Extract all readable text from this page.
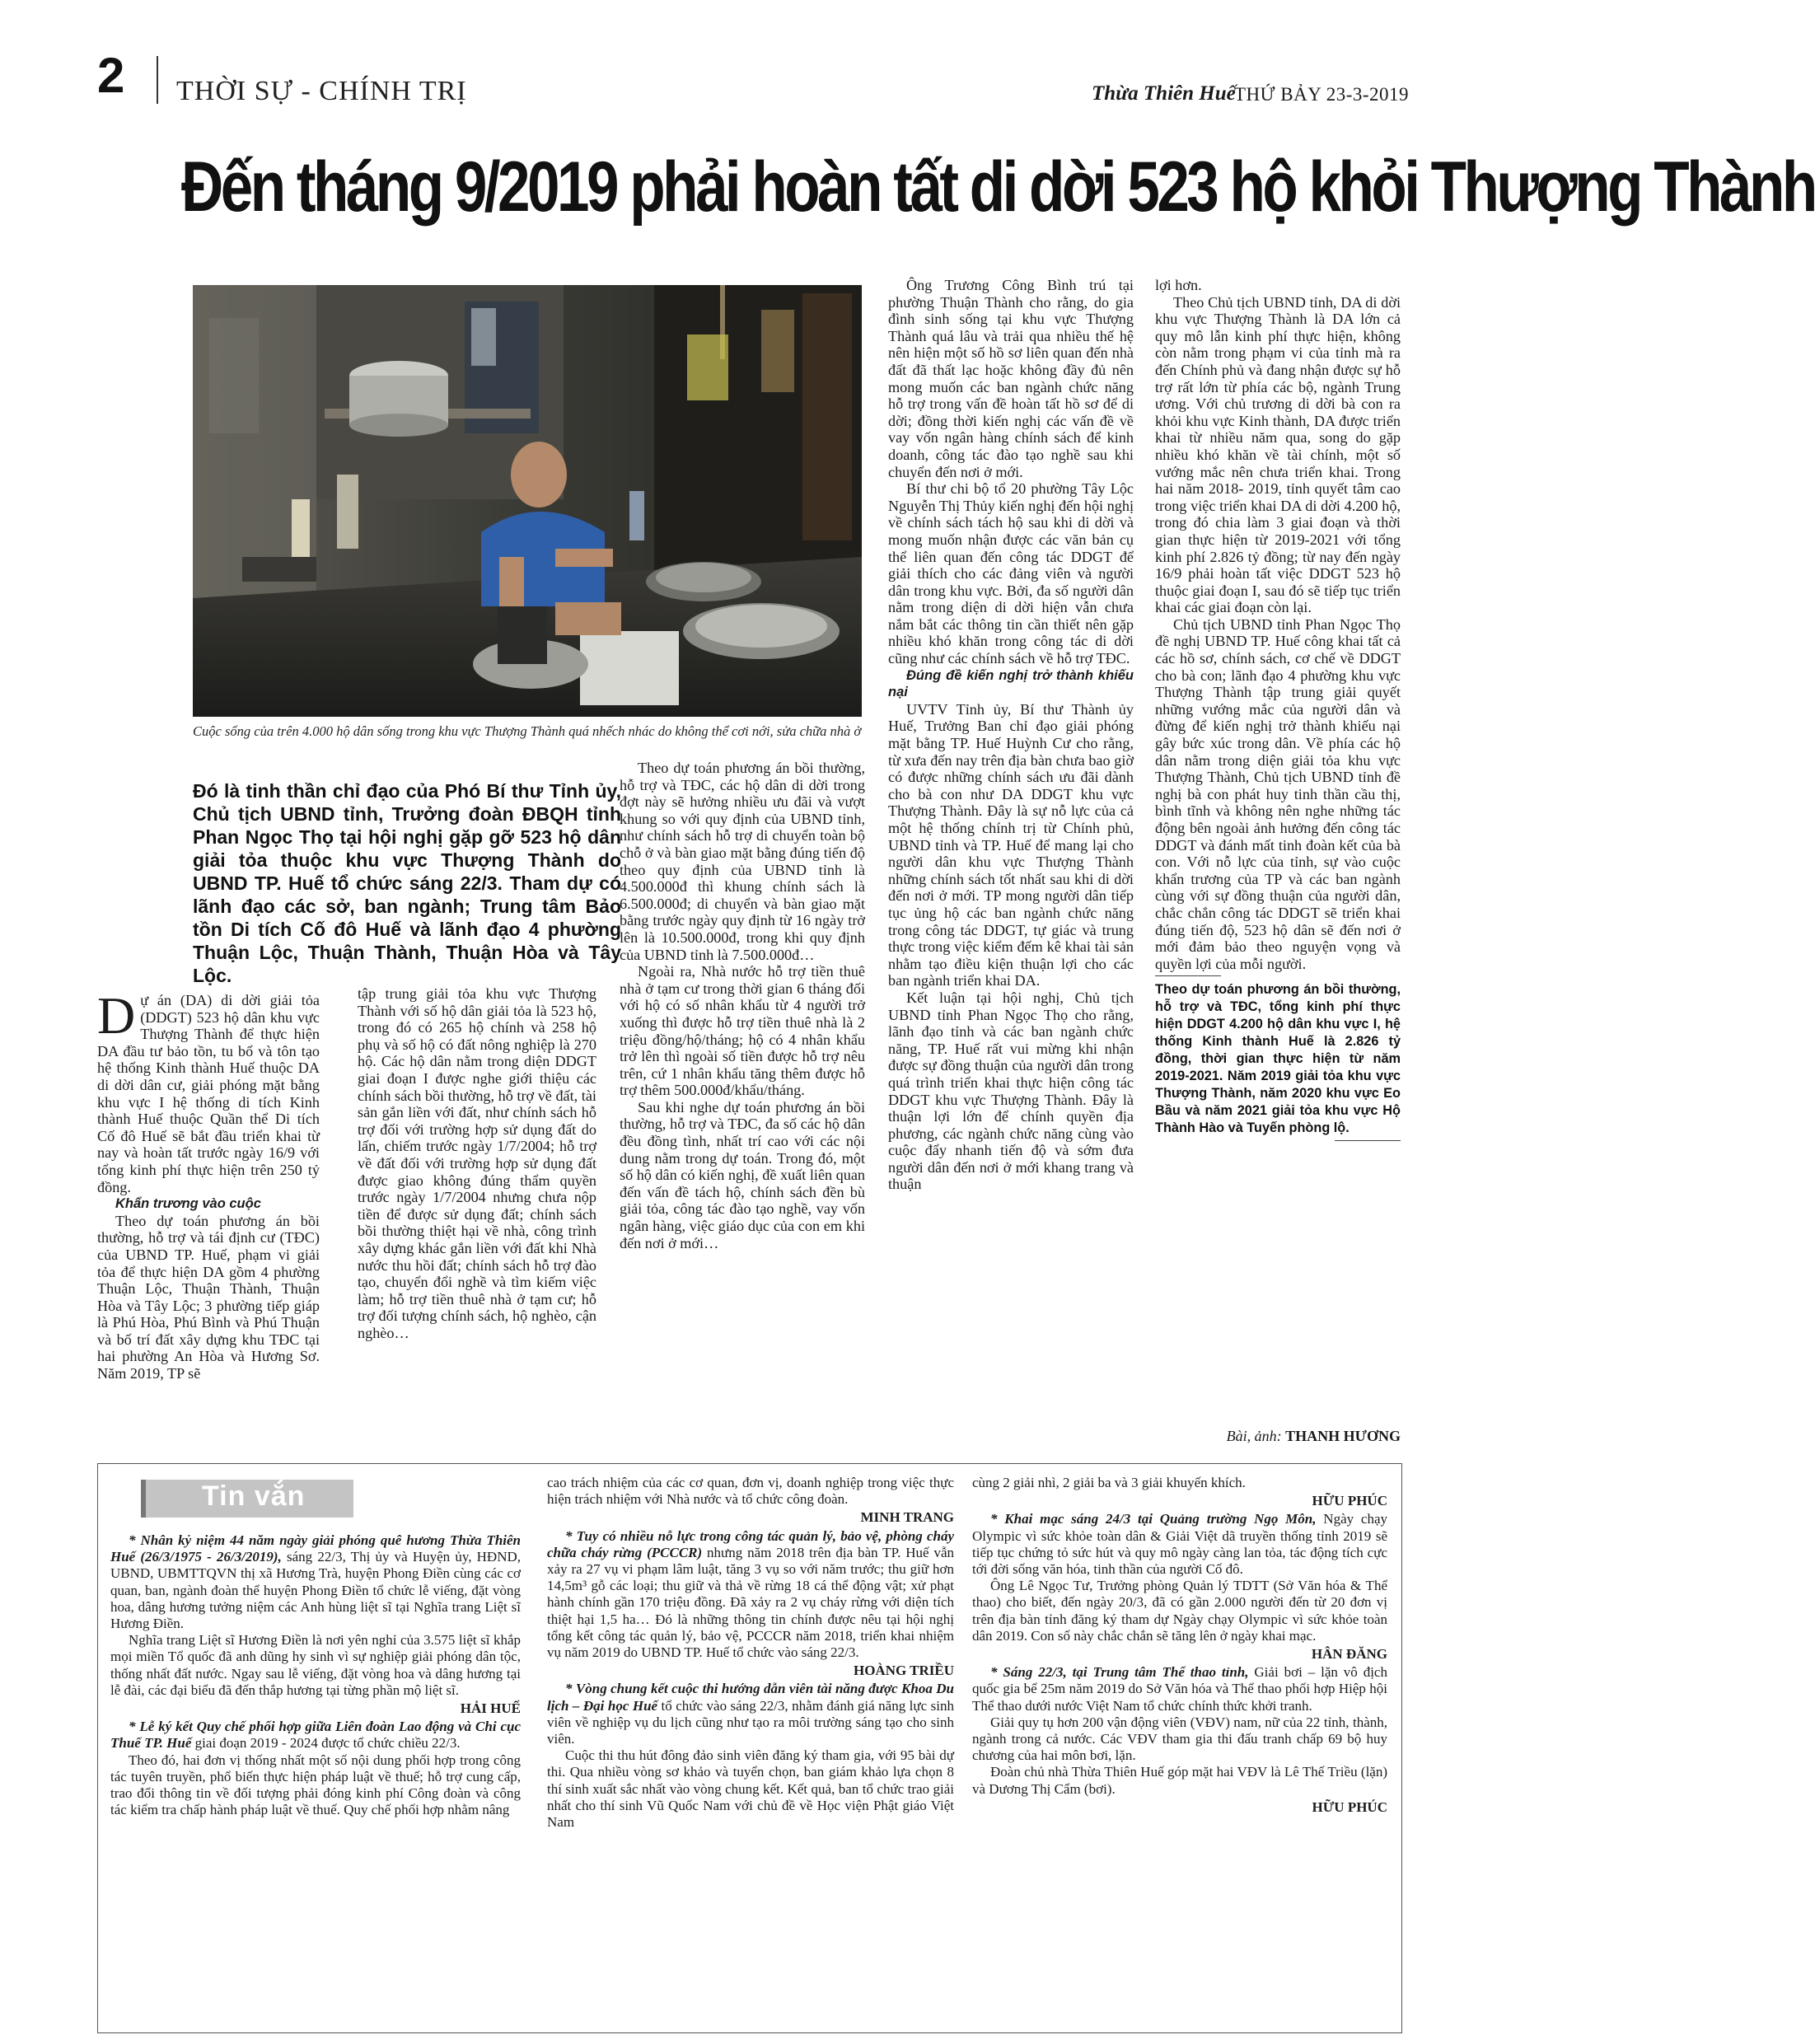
2 THỜI SỰ - CHÍNH TRỊ	Thừa Thiên Huế
THỨ BẢY 23-3-2019
Đến tháng 9/2019 phải hoàn tất di dời 523 hộ khỏi Thượng Thành
Cuộc sống của trên 4.000 hộ dân sống trong khu vực Thượng Thành quá nhếch nhác do không thể cơi nới, sửa chữa nhà ở
Đó là tinh thần chỉ đạo của Phó Bí thư Tỉnh ủy, Chủ tịch UBND tỉnh, Trưởng đoàn ĐBQH tỉnh Phan Ngọc Thọ tại hội nghị gặp gỡ 523 hộ dân giải tỏa thuộc khu vực Thượng Thành do UBND TP. Huế tổ chức sáng 22/3. Tham dự có lãnh đạo các sở, ban ngành; Trung tâm Bảo tồn Di tích Cố đô Huế và lãnh đạo 4 phường Thuận Lộc, Thuận Thành, Thuận Hòa và Tây Lộc.

Dự án (DA) di dời giải tỏa (DDGT) 523 hộ dân khu vực Thượng Thành để thực hiện DA đầu tư bảo tồn, tu bổ và tôn tạo hệ thống Kinh thành Huế thuộc DA di dời dân cư, giải phóng mặt bằng khu vực I hệ thống di tích Kinh thành Huế thuộc Quần thể Di tích Cố đô Huế sẽ bắt đầu triển khai từ nay và hoàn tất trước ngày 16/9 với tổng kinh phí thực hiện trên 250 tỷ đồng.

Khẩn trương vào cuộc

Theo dự toán phương án bồi thường, hỗ trợ và tái định cư (TĐC) của UBND TP. Huế, phạm vi giải tỏa để thực hiện DA gồm 4 phường Thuận Lộc, Thuận Thành, Thuận Hòa và Tây Lộc; 3 phường tiếp giáp là Phú Hòa, Phú Bình và Phú Thuận và bố trí đất xây dựng khu TĐC tại hai phường An Hòa và Hương Sơ. Năm 2019, TP sẽ

tập trung giải tỏa khu vực Thượng Thành với số hộ dân giải tỏa là 523 hộ, trong đó có 265 hộ chính và 258 hộ phụ và số hộ có đất nông nghiệp là 270 hộ. Các hộ dân nằm trong diện DDGT giai đoạn I được nghe giới thiệu các chính sách bồi thường, hỗ trợ về đất, tài sản gắn liền với đất, như chính sách hỗ trợ đối với trường hợp sử dụng đất do lấn, chiếm trước ngày 1/7/2004; hỗ trợ về đất đối với trường hợp sử dụng đất được giao không đúng thẩm quyền trước ngày 1/7/2004 nhưng chưa nộp tiền để được sử dụng đất; chính sách bồi thường thiệt hại về nhà, công trình xây dựng khác gắn liền với đất khi Nhà nước thu hồi đất; chính sách hỗ trợ đào tạo, chuyển đổi nghề và tìm kiếm việc làm; hỗ trợ tiền thuê nhà ở tạm cư; hỗ trợ đối tượng chính sách, hộ nghèo, cận nghèo…

Theo dự toán phương án bồi thường, hỗ trợ và TĐC, các hộ dân di dời trong đợt này sẽ hưởng nhiều ưu đãi và vượt khung so với quy định của UBND tỉnh, như chính sách hỗ trợ di chuyển toàn bộ chỗ ở và bàn giao mặt bằng đúng tiến độ theo quy định của UBND tỉnh là 4.500.000đ thì khung chính sách là 6.500.000đ; di chuyển và bàn giao mặt bằng trước ngày quy định từ 16 ngày trở lên là 10.500.000đ, trong khi quy định của UBND tỉnh là 7.500.000đ…

Ngoài ra, Nhà nước hỗ trợ tiền thuê nhà ở tạm cư trong thời gian 6 tháng đối với hộ có số nhân khẩu từ 4 người trở xuống thì được hỗ trợ tiền thuê nhà là 2 triệu đồng/hộ/tháng; hộ có 4 nhân khẩu trở lên thì ngoài số tiền được hỗ trợ nêu trên, cứ 1 nhân khẩu tăng thêm được hỗ trợ thêm 500.000đ/khẩu/tháng.

Sau khi nghe dự toán phương án bồi thường, hỗ trợ và TĐC, đa số các hộ dân đều đồng tình, nhất trí cao với các nội dung nằm trong dự toán. Trong đó, một số hộ dân có kiến nghị, đề xuất liên quan đến vấn đề tách hộ, chính sách đền bù giải tỏa, công tác đào tạo nghề, vay vốn ngân hàng, việc giáo dục của con em khi đến nơi ở mới…

Ông Trương Công Bình trú tại phường Thuận Thành cho rằng, do gia đình sinh sống tại khu vực Thượng Thành quá lâu và trải qua nhiều thế hệ nên hiện một số hồ sơ liên quan đến nhà đất đã thất lạc hoặc không đầy đủ nên mong muốn các ban ngành chức năng hỗ trợ trong vấn đề hoàn tất hồ sơ để di dời; đồng thời kiến nghị các vấn đề về vay vốn ngân hàng chính sách để kinh doanh, công tác đào tạo nghề sau khi chuyển đến nơi ở mới.

Bí thư chi bộ tổ 20 phường Tây Lộc Nguyễn Thị Thủy kiến nghị đến hội nghị về chính sách tách hộ sau khi di dời và mong muốn nhận được các văn bản cụ thể liên quan đến công tác DDGT để giải thích cho các đảng viên và người dân trong khu vực. Bởi, đa số người dân nằm trong diện di dời hiện vẫn chưa nắm bắt các thông tin cần thiết nên gặp nhiều khó khăn trong công tác di dời cũng như các chính sách về hỗ trợ TĐC.

Đúng đề kiến nghị trở thành khiếu nại

UVTV Tỉnh ủy, Bí thư Thành ủy Huế, Trưởng Ban chỉ đạo giải phóng mặt bằng TP. Huế Huỳnh Cư cho rằng, từ xưa đến nay trên địa bàn chưa bao giờ có được những chính sách ưu đãi dành cho bà con như DA DDGT khu vực Thượng Thành. Đây là sự nỗ lực của cả một hệ thống chính trị từ Chính phủ, UBND tỉnh và TP. Huế để mang lại cho người dân khu vực Thượng Thành những chính sách tốt nhất sau khi di dời đến nơi ở mới. TP mong người dân tiếp tục ủng hộ các ban ngành chức năng trong công tác DDGT, tự giác và trung thực trong việc kiểm đếm kê khai tài sản nhằm tạo điều kiện thuận lợi cho các ban ngành triển khai DA.

Kết luận tại hội nghị, Chủ tịch UBND tỉnh Phan Ngọc Thọ cho rằng, lãnh đạo tỉnh và các ban ngành chức năng, TP. Huế rất vui mừng khi nhận được sự đồng thuận của người dân trong quá trình triển khai thực hiện công tác DDGT khu vực Thượng Thành. Đây là thuận lợi lớn để chính quyền địa phương, các ngành chức năng cùng vào cuộc đẩy nhanh tiến độ và sớm đưa người dân đến nơi ở mới khang trang và thuận

lợi hơn.

Theo Chủ tịch UBND tỉnh, DA di dời khu vực Thượng Thành là DA lớn cả quy mô lẫn kinh phí thực hiện, không còn nằm trong phạm vi của tỉnh mà ra đến Chính phủ và đang nhận được sự hỗ trợ rất lớn từ phía các bộ, ngành Trung ương. Với chủ trương di dời bà con ra khỏi khu vực Kinh thành, DA được triển khai từ nhiều năm qua, song do gặp nhiều khó khăn về tài chính, một số vướng mắc nên chưa triển khai. Trong hai năm 2018- 2019, tỉnh quyết tâm cao trong việc triển khai DA di dời 4.200 hộ, trong đó chia làm 3 giai đoạn và thời gian thực hiện từ 2019-2021 với tổng kinh phí 2.826 tỷ đồng; từ nay đến ngày 16/9 phải hoàn tất việc DDGT 523 hộ thuộc giai đoạn I, sau đó sẽ tiếp tục triển khai các giai đoạn còn lại.

Chủ tịch UBND tỉnh Phan Ngọc Thọ đề nghị UBND TP. Huế công khai tất cả các hồ sơ, chính sách, cơ chế về DDGT cho bà con; lãnh đạo 4 phường khu vực Thượng Thành tập trung giải quyết những vướng mắc của người dân và đừng để kiến nghị trở thành khiếu nại gây bức xúc trong dân. Về phía các hộ dân nằm trong diện giải tỏa khu vực Thượng Thành, Chủ tịch UBND tỉnh đề nghị bà con phát huy tinh thần cầu thị, bình tĩnh và không nên nghe những tác động bên ngoài ảnh hưởng đến công tác DDGT và đánh mất tinh đoàn kết của bà con. Với nỗ lực của tỉnh, sự vào cuộc khẩn trương của TP và các ban ngành cùng với sự đồng thuận của người dân, chắc chắn công tác DDGT sẽ triển khai đúng tiến độ, 523 hộ dân sẽ đến nơi ở mới đảm bảo theo nguyện vọng và quyền lợi của mỗi người.

Theo dự toán phương án bồi thường, hỗ trợ và TĐC, tổng kinh phí thực hiện DDGT 4.200 hộ dân khu vực I, hệ thống Kinh thành Huế là 2.826 tỷ đồng, thời gian thực hiện từ năm 2019-2021. Năm 2019 giải tỏa khu vực Thượng Thành, năm 2020 khu vực Eo Bầu và năm 2021 giải tỏa khu vực Hộ Thành Hào và Tuyến phòng lộ.
Bài, ảnh: THANH HƯƠNG
Tin vắn

* Nhân kỷ niệm 44 năm ngày giải phóng quê hương Thừa Thiên Huế (26/3/1975 - 26/3/2019), sáng 22/3, Thị ủy và Huyện ủy, HĐND, UBND, UBMTTQVN thị xã Hương Trà, huyện Phong Điền cùng các cơ quan, ban, ngành đoàn thể huyện Phong Điền tổ chức lễ viếng, đặt vòng hoa, dâng hương tưởng niệm các Anh hùng liệt sĩ tại Nghĩa trang Liệt sĩ Hương Điền.

Nghĩa trang Liệt sĩ Hương Điền là nơi yên nghỉ của 3.575 liệt sĩ khắp mọi miền Tổ quốc đã anh dũng hy sinh vì sự nghiệp giải phóng dân tộc, thống nhất đất nước. Ngay sau lễ viếng, đặt vòng hoa và dâng hương tại lễ đài, các đại biểu đã đến thắp hương tại từng phần mộ liệt sĩ.

HẢI HUẾ

* Lễ ký kết Quy chế phối hợp giữa Liên đoàn Lao động và Chi cục Thuế TP. Huế giai đoạn 2019 - 2024 được tổ chức chiều 22/3.

Theo đó, hai đơn vị thống nhất một số nội dung phối hợp trong công tác tuyên truyền, phổ biến thực hiện pháp luật về thuế; hỗ trợ cung cấp, trao đổi thông tin về đối tượng phải đóng kinh phí Công đoàn và công tác kiểm tra chấp hành pháp luật về thuế. Quy chế phối hợp nhằm nâng

cao trách nhiệm của các cơ quan, đơn vị, doanh nghiệp trong việc thực hiện trách nhiệm với Nhà nước và tổ chức công đoàn.

MINH TRANG

* Tuy có nhiều nỗ lực trong công tác quản lý, bảo vệ, phòng cháy chữa cháy rừng (PCCCR) nhưng năm 2018 trên địa bàn TP. Huế vẫn xảy ra 27 vụ vi phạm lâm luật, tăng 3 vụ so với năm trước; thu giữ hơn 14,5m³ gỗ các loại; thu giữ và thả về rừng 18 cá thể động vật; xử phạt hành chính gần 170 triệu đồng. Đã xảy ra 2 vụ cháy rừng với diện tích thiệt hại 1,5 ha… Đó là những thông tin chính được nêu tại hội nghị tổng kết công tác quản lý, bảo vệ, PCCCR năm 2018, triển khai nhiệm vụ năm 2019 do UBND TP. Huế tổ chức vào sáng 22/3.

HOÀNG TRIỀU

* Vòng chung kết cuộc thi hướng dẫn viên tài năng được Khoa Du lịch – Đại học Huế tổ chức vào sáng 22/3, nhằm đánh giá năng lực sinh viên về nghiệp vụ du lịch cũng như tạo ra môi trường sáng tạo cho sinh viên.

Cuộc thi thu hút đông đảo sinh viên đăng ký tham gia, với 95 bài dự thi. Qua nhiều vòng sơ khảo và tuyển chọn, ban giám khảo lựa chọn 8 thí sinh xuất sắc nhất vào vòng chung kết. Kết quả, ban tổ chức trao giải nhất cho thí sinh Vũ Quốc Nam với chủ đề về Học viện Phật giáo Việt Nam

cùng 2 giải nhì, 2 giải ba và 3 giải khuyến khích.

HỮU PHÚC

* Khai mạc sáng 24/3 tại Quảng trường Ngọ Môn, Ngày chạy Olympic vì sức khỏe toàn dân & Giải Việt dã truyền thống tỉnh 2019 sẽ tiếp tục chứng tỏ sức hút và quy mô ngày càng lan tỏa, tác động tích cực tới đời sống văn hóa, tinh thần của người Cố đô.

Ông Lê Ngọc Tư, Trưởng phòng Quản lý TDTT (Sở Văn hóa & Thể thao) cho biết, đến ngày 20/3, đã có gần 2.000 người đến từ 20 đơn vị trên địa bàn tỉnh đăng ký tham dự Ngày chạy Olympic vì sức khỏe toàn dân 2019. Con số này chắc chắn sẽ tăng lên ở ngày khai mạc.

HÂN ĐĂNG

* Sáng 22/3, tại Trung tâm Thể thao tỉnh, Giải bơi – lặn vô địch quốc gia bể 25m năm 2019 do Sở Văn hóa và Thể thao phối hợp Hiệp hội Thể thao dưới nước Việt Nam tổ chức chính thức khởi tranh.

Giải quy tụ hơn 200 vận động viên (VĐV) nam, nữ của 22 tỉnh, thành, ngành trong cả nước. Các VĐV tham gia thi đấu tranh chấp 69 bộ huy chương của hai môn bơi, lặn.

Đoàn chủ nhà Thừa Thiên Huế góp mặt hai VĐV là Lê Thế Triều (lặn) và Dương Thị Cẩm (bơi).

HỮU PHÚC
